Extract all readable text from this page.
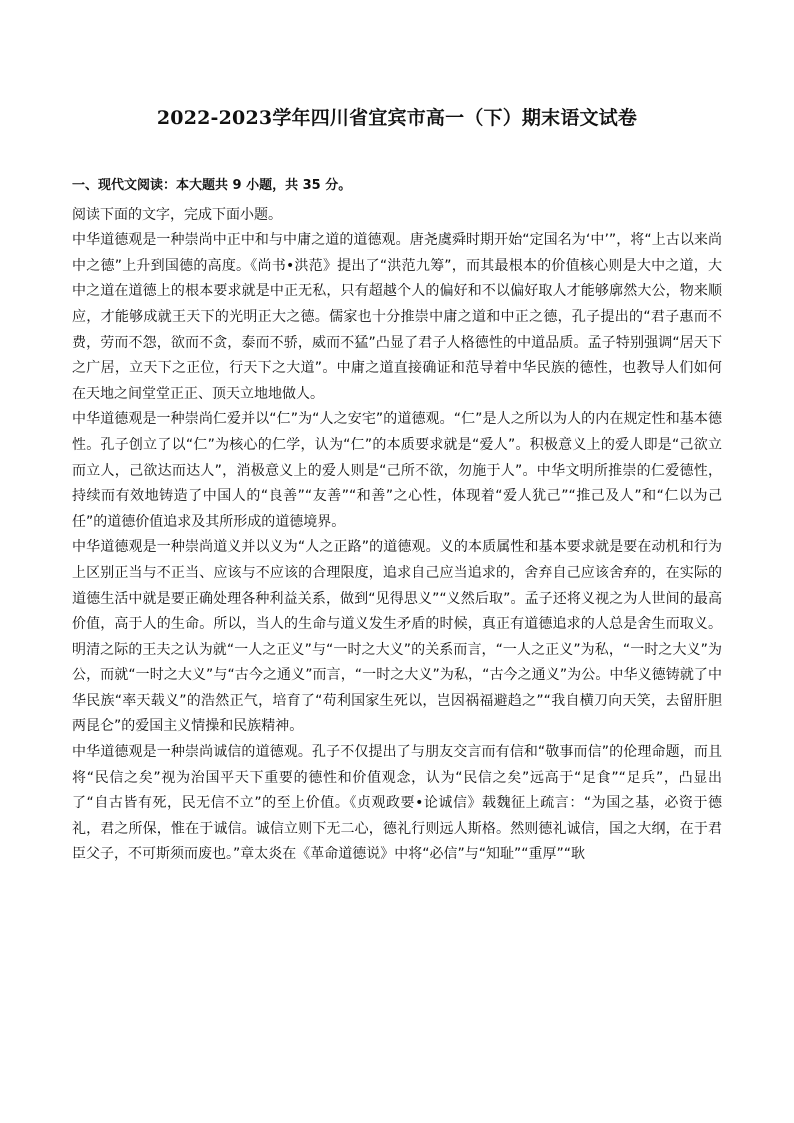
2022-2023学年四川省宜宾市高一（下）期末语文试卷
一、现代文阅读：本大题共 9 小题，共 35 分。

阅读下面的文字，完成下面小题。

中华道德观是一种崇尚中正中和与中庸之道的道德观。唐尧虞舜时期开始“定国名为‘中’”，将“上古以来尚中之德”上升到国德的高度。《尚书•洪范》提出了“洪范九筹”，而其最根本的价值核心则是大中之道，大中之道在道德上的根本要求就是中正无私，只有超越个人的偏好和不以偏好取人才能够廓然大公，物来顺应，才能够成就王天下的光明正大之德。儒家也十分推崇中庸之道和中正之德，孔子提出的“君子惠而不费，劳而不怨，欲而不贪，泰而不骄，威而不猛”凸显了君子人格德性的中道品质。孟子特别强调“居天下之广居，立天下之正位，行天下之大道”。中庸之道直接确证和范导着中华民族的德性，也教导人们如何在天地之间堂堂正正、顶天立地地做人。

中华道德观是一种崇尚仁爱并以“仁”为“人之安宅”的道德观。“仁”是人之所以为人的内在规定性和基本德性。孔子创立了以“仁”为核心的仁学，认为“仁”的本质要求就是“爱人”。积极意义上的爱人即是“己欲立而立人，己欲达而达人”，消极意义上的爱人则是“己所不欲，勿施于人”。中华文明所推崇的仁爱德性，持续而有效地铸造了中国人的“良善”“友善”“和善”之心性，体现着“爱人犹己”“推己及人”和“仁以为己任”的道德价值追求及其所形成的道德境界。

中华道德观是一种崇尚道义并以义为“人之正路”的道德观。义的本质属性和基本要求就是要在动机和行为上区别正当与不正当、应该与不应该的合理限度，追求自己应当追求的，舍弃自己应该舍弃的，在实际的道德生活中就是要正确处理各种利益关系，做到“见得思义”“义然后取”。孟子还将义视之为人世间的最高价值，高于人的生命。所以，当人的生命与道义发生矛盾的时候，真正有道德追求的人总是舍生而取义。明清之际的王夫之认为就“一人之正义”与“一时之大义”的关系而言，“一人之正义”为私，“一时之大义”为公，而就“一时之大义”与“古今之通义”而言，“一时之大义”为私，“古今之通义”为公。中华义德铸就了中华民族“率天载义”的浩然正气，培育了“苟利国家生死以，岂因祸福避趋之”“我自横刀向天笑，去留肝胆两昆仑”的爱国主义情操和民族精神。

中华道德观是一种崇尚诚信的道德观。孔子不仅提出了与朋友交言而有信和“敬事而信”的伦理命题，而且将“民信之矣”视为治国平天下重要的德性和价值观念，认为“民信之矣”远高于“足食”“足兵”，凸显出了“自古皆有死，民无信不立”的至上价值。《贞观政要•论诚信》载魏征上疏言：“为国之基，必资于德礼，君之所保，惟在于诚信。诚信立则下无二心，德礼行则远人斯格。然则德礼诚信，国之大纲，在于君臣父子，不可斯须而废也。”章太炎在《革命道德说》中将“必信”与“知耻”“重厚”“耿
